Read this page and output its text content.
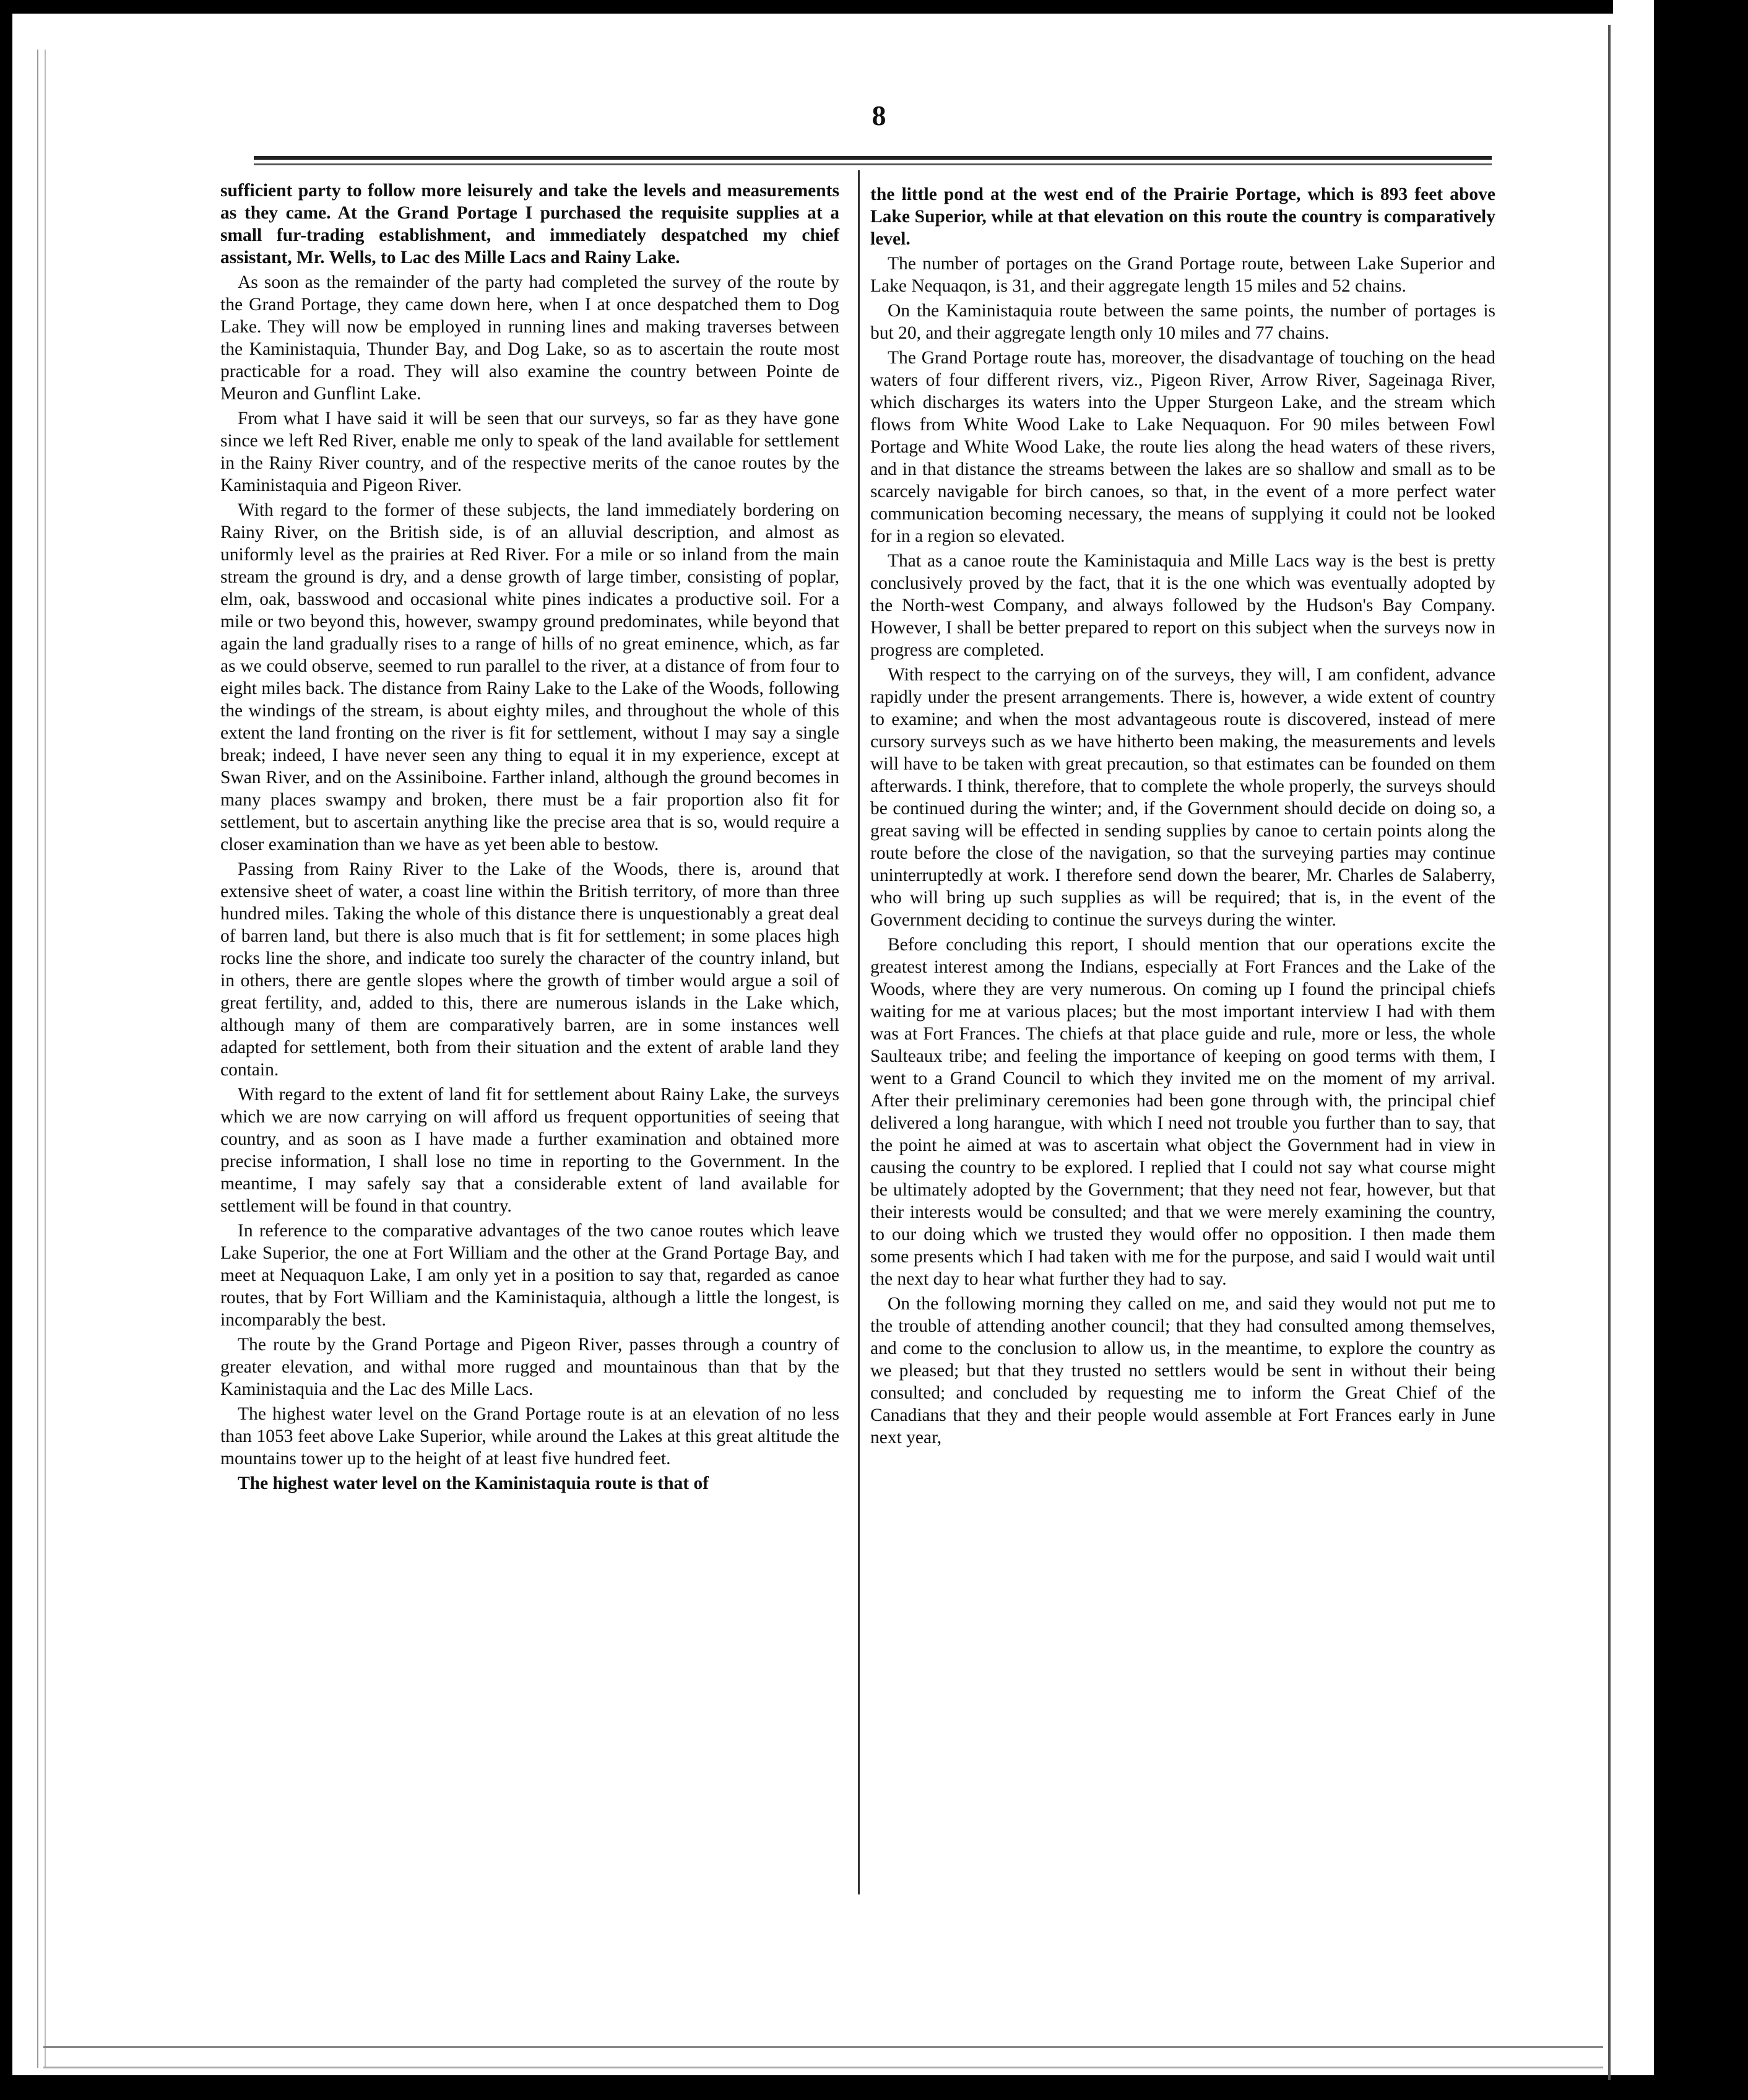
8

sufficient party to follow more leisurely and take the levels and measurements as they came. At the Grand Portage I purchased the requisite supplies at a small fur-trading establishment, and immediately despatched my chief assistant, Mr. Wells, to Lac des Mille Lacs and Rainy Lake.

As soon as the remainder of the party had completed the survey of the route by the Grand Portage, they came down here, when I at once despatched them to Dog Lake. They will now be employed in running lines and making traverses between the Kaministaquia, Thunder Bay, and Dog Lake, so as to ascertain the route most practicable for a road. They will also examine the country between Pointe de Meuron and Gunflint Lake.

From what I have said it will be seen that our surveys, so far as they have gone since we left Red River, enable me only to speak of the land available for settlement in the Rainy River country, and of the respective merits of the canoe routes by the Kaministaquia and Pigeon River.

With regard to the former of these subjects, the land immediately bordering on Rainy River, on the British side, is of an alluvial description, and almost as uniformly level as the prairies at Red River. For a mile or so inland from the main stream the ground is dry, and a dense growth of large timber, consisting of poplar, elm, oak, basswood and occasional white pines indicates a productive soil. For a mile or two beyond this, however, swampy ground predominates, while beyond that again the land gradually rises to a range of hills of no great eminence, which, as far as we could observe, seemed to run parallel to the river, at a distance of from four to eight miles back. The distance from Rainy Lake to the Lake of the Woods, following the windings of the stream, is about eighty miles, and throughout the whole of this extent the land fronting on the river is fit for settlement, without I may say a single break; indeed, I have never seen any thing to equal it in my experience, except at Swan River, and on the Assiniboine. Farther inland, although the ground becomes in many places swampy and broken, there must be a fair proportion also fit for settlement, but to ascertain anything like the precise area that is so, would require a closer examination than we have as yet been able to bestow.

Passing from Rainy River to the Lake of the Woods, there is, around that extensive sheet of water, a coast line within the British territory, of more than three hundred miles. Taking the whole of this distance there is unquestionably a great deal of barren land, but there is also much that is fit for settlement; in some places high rocks line the shore, and indicate too surely the character of the country inland, but in others, there are gentle slopes where the growth of timber would argue a soil of great fertility, and, added to this, there are numerous islands in the Lake which, although many of them are comparatively barren, are in some instances well adapted for settlement, both from their situation and the extent of arable land they contain.

With regard to the extent of land fit for settlement about Rainy Lake, the surveys which we are now carrying on will afford us frequent opportunities of seeing that country, and as soon as I have made a further examination and obtained more precise information, I shall lose no time in reporting to the Government. In the meantime, I may safely say that a considerable extent of land available for settlement will be found in that country.

In reference to the comparative advantages of the two canoe routes which leave Lake Superior, the one at Fort William and the other at the Grand Portage Bay, and meet at Nequaquon Lake, I am only yet in a position to say that, regarded as canoe routes, that by Fort William and the Kaministaquia, although a little the longest, is incomparably the best.

The route by the Grand Portage and Pigeon River, passes through a country of greater elevation, and withal more rugged and mountainous than that by the Kaministaquia and the Lac des Mille Lacs.

The highest water level on the Grand Portage route is at an elevation of no less than 1053 feet above Lake Superior, while around the Lakes at this great altitude the mountains tower up to the height of at least five hundred feet.

The highest water level on the Kaministaquia route is that of

the little pond at the west end of the Prairie Portage, which is 893 feet above Lake Superior, while at that elevation on this route the country is comparatively level.

The number of portages on the Grand Portage route, between Lake Superior and Lake Nequaqon, is 31, and their aggregate length 15 miles and 52 chains.

On the Kaministaquia route between the same points, the number of portages is but 20, and their aggregate length only 10 miles and 77 chains.

The Grand Portage route has, moreover, the disadvantage of touching on the head waters of four different rivers, viz., Pigeon River, Arrow River, Sageinaga River, which discharges its waters into the Upper Sturgeon Lake, and the stream which flows from White Wood Lake to Lake Nequaquon. For 90 miles between Fowl Portage and White Wood Lake, the route lies along the head waters of these rivers, and in that distance the streams between the lakes are so shallow and small as to be scarcely navigable for birch canoes, so that, in the event of a more perfect water communication becoming necessary, the means of supplying it could not be looked for in a region so elevated.

That as a canoe route the Kaministaquia and Mille Lacs way is the best is pretty conclusively proved by the fact, that it is the one which was eventually adopted by the North-west Company, and always followed by the Hudson's Bay Company. However, I shall be better prepared to report on this subject when the surveys now in progress are completed.

With respect to the carrying on of the surveys, they will, I am confident, advance rapidly under the present arrangements. There is, however, a wide extent of country to examine; and when the most advantageous route is discovered, instead of mere cursory surveys such as we have hitherto been making, the measurements and levels will have to be taken with great precaution, so that estimates can be founded on them afterwards. I think, therefore, that to complete the whole properly, the surveys should be continued during the winter; and, if the Government should decide on doing so, a great saving will be effected in sending supplies by canoe to certain points along the route before the close of the navigation, so that the surveying parties may continue uninterruptedly at work. I therefore send down the bearer, Mr. Charles de Salaberry, who will bring up such supplies as will be required; that is, in the event of the Government deciding to continue the surveys during the winter.

Before concluding this report, I should mention that our operations excite the greatest interest among the Indians, especially at Fort Frances and the Lake of the Woods, where they are very numerous. On coming up I found the principal chiefs waiting for me at various places; but the most important interview I had with them was at Fort Frances. The chiefs at that place guide and rule, more or less, the whole Saulteaux tribe; and feeling the importance of keeping on good terms with them, I went to a Grand Council to which they invited me on the moment of my arrival. After their preliminary ceremonies had been gone through with, the principal chief delivered a long harangue, with which I need not trouble you further than to say, that the point he aimed at was to ascertain what object the Government had in view in causing the country to be explored. I replied that I could not say what course might be ultimately adopted by the Government; that they need not fear, however, but that their interests would be consulted; and that we were merely examining the country, to our doing which we trusted they would offer no opposition. I then made them some presents which I had taken with me for the purpose, and said I would wait until the next day to hear what further they had to say.

On the following morning they called on me, and said they would not put me to the trouble of attending another council; that they had consulted among themselves, and come to the conclusion to allow us, in the meantime, to explore the country as we pleased; but that they trusted no settlers would be sent in without their being consulted; and concluded by requesting me to inform the Great Chief of the Canadians that they and their people would assemble at Fort Frances early in June next year,
